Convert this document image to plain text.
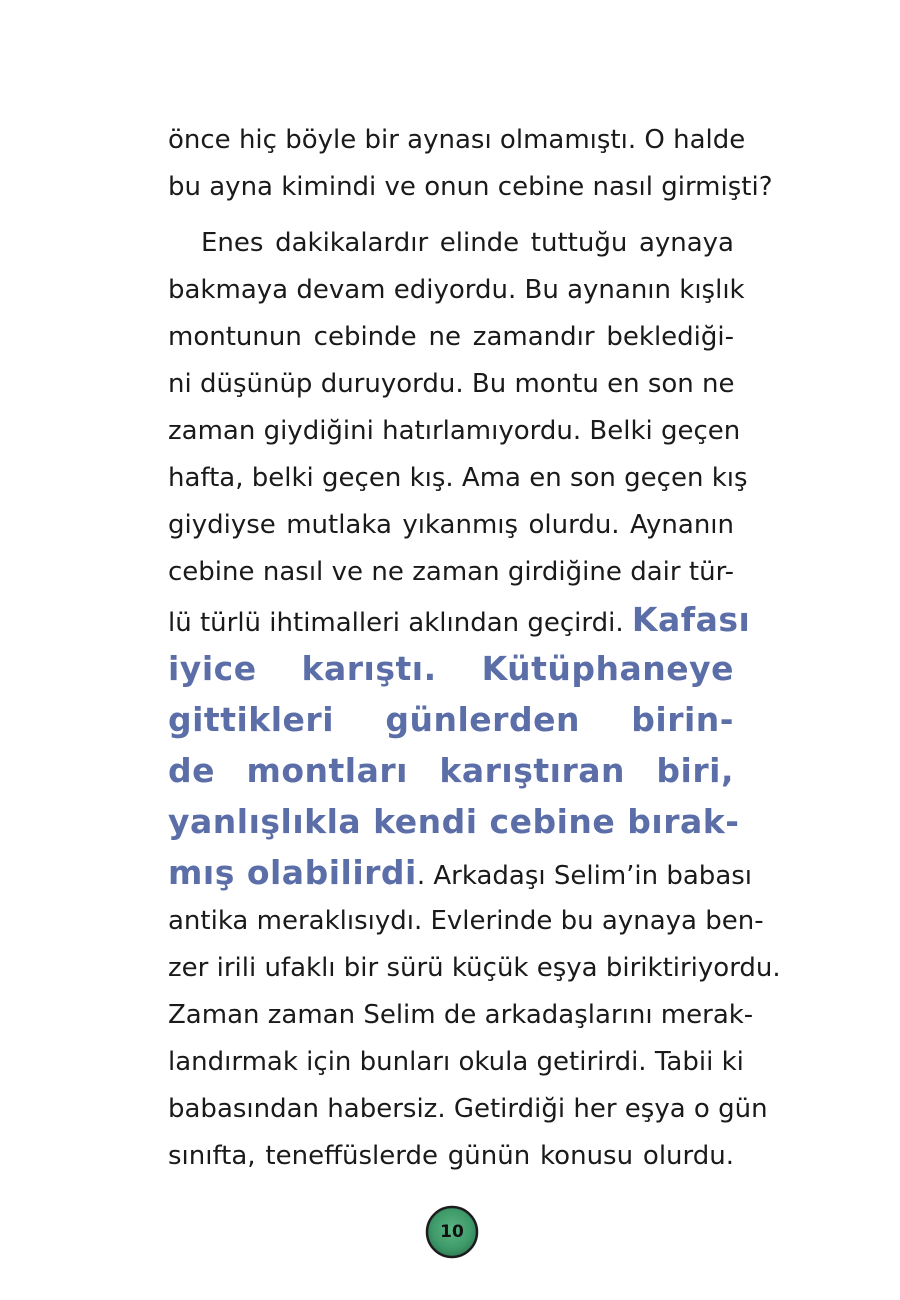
önce hiç böyle bir aynası olmamıştı. O halde
bu ayna kimindi ve onun cebine nasıl girmişti?
Enes dakikalardır elinde tuttuğu aynaya
bakmaya devam ediyordu. Bu aynanın kışlık
montunun cebinde ne zamandır beklediği-
ni düşünüp duruyordu. Bu montu en son ne
zaman giydiğini hatırlamıyordu. Belki geçen
hafta, belki geçen kış. Ama en son geçen kış
giydiyse mutlaka yıkanmış olurdu. Aynanın
cebine nasıl ve ne zaman girdiğine dair tür-
lü türlü ihtimalleri aklından geçirdi. Kafası
iyice karıştı. Kütüphaneye
gittikleri günlerden birin-
de montları karıştıran biri,
yanlışlıkla kendi cebine bırak-
mış olabilirdi. Arkadaşı Selim’in babası
antika meraklısıydı. Evlerinde bu aynaya ben-
zer irili ufaklı bir sürü küçük eşya biriktiriyordu.
Zaman zaman Selim de arkadaşlarını merak-
landırmak için bunları okula getirirdi. Tabii ki
babasından habersiz. Getirdiği her eşya o gün
sınıfta, teneffüslerde günün konusu olurdu.
10
